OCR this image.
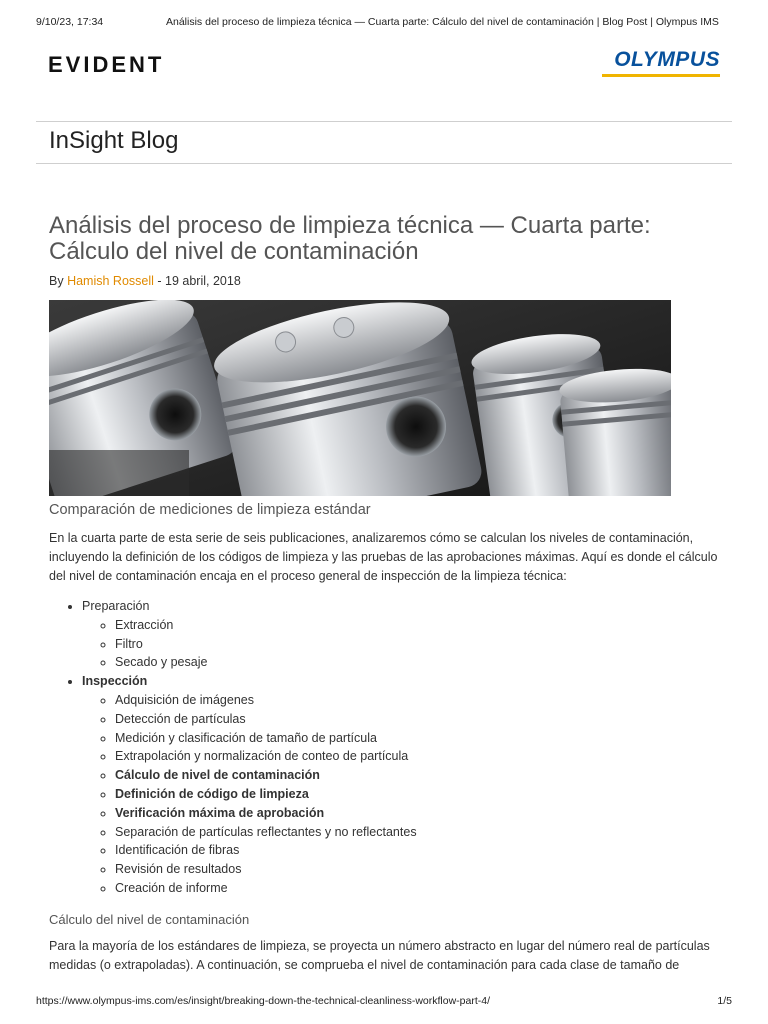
9/10/23, 17:34	Análisis del proceso de limpieza técnica — Cuarta parte: Cálculo del nivel de contaminación | Blog Post | Olympus IMS
EVIDENT	OLYMPUS
InSight Blog
Análisis del proceso de limpieza técnica — Cuarta parte:
Cálculo del nivel de contaminación
By Hamish Rossell - 19 abril, 2018
Comparación de mediciones de limpieza estándar

En la cuarta parte de esta serie de seis publicaciones, analizaremos cómo se calculan los niveles de contaminación, incluyendo la definición de los códigos de limpieza y las pruebas de las aprobaciones máximas. Aquí es donde el cálculo del nivel de contaminación encaja en el proceso general de inspección de la limpieza técnica:

• Preparación
◦ Extracción
◦ Filtro
◦ Secado y pesaje
• Inspección
◦ Adquisición de imágenes
◦ Detección de partículas
◦ Medición y clasificación de tamaño de partícula
◦ Extrapolación y normalización de conteo de partícula
◦ Cálculo de nivel de contaminación
◦ Definición de código de limpieza
◦ Verificación máxima de aprobación
◦ Separación de partículas reflectantes y no reflectantes
◦ Identificación de fibras
◦ Revisión de resultados
◦ Creación de informe
Cálculo del nivel de contaminación

Para la mayoría de los estándares de limpieza, se proyecta un número abstracto en lugar del número real de partículas medidas (o extrapoladas). A continuación, se comprueba el nivel de contaminación para cada clase de tamaño de

https://www.olympus-ims.com/es/insight/breaking-down-the-technical-cleanliness-workflow-part-4/	1/5
